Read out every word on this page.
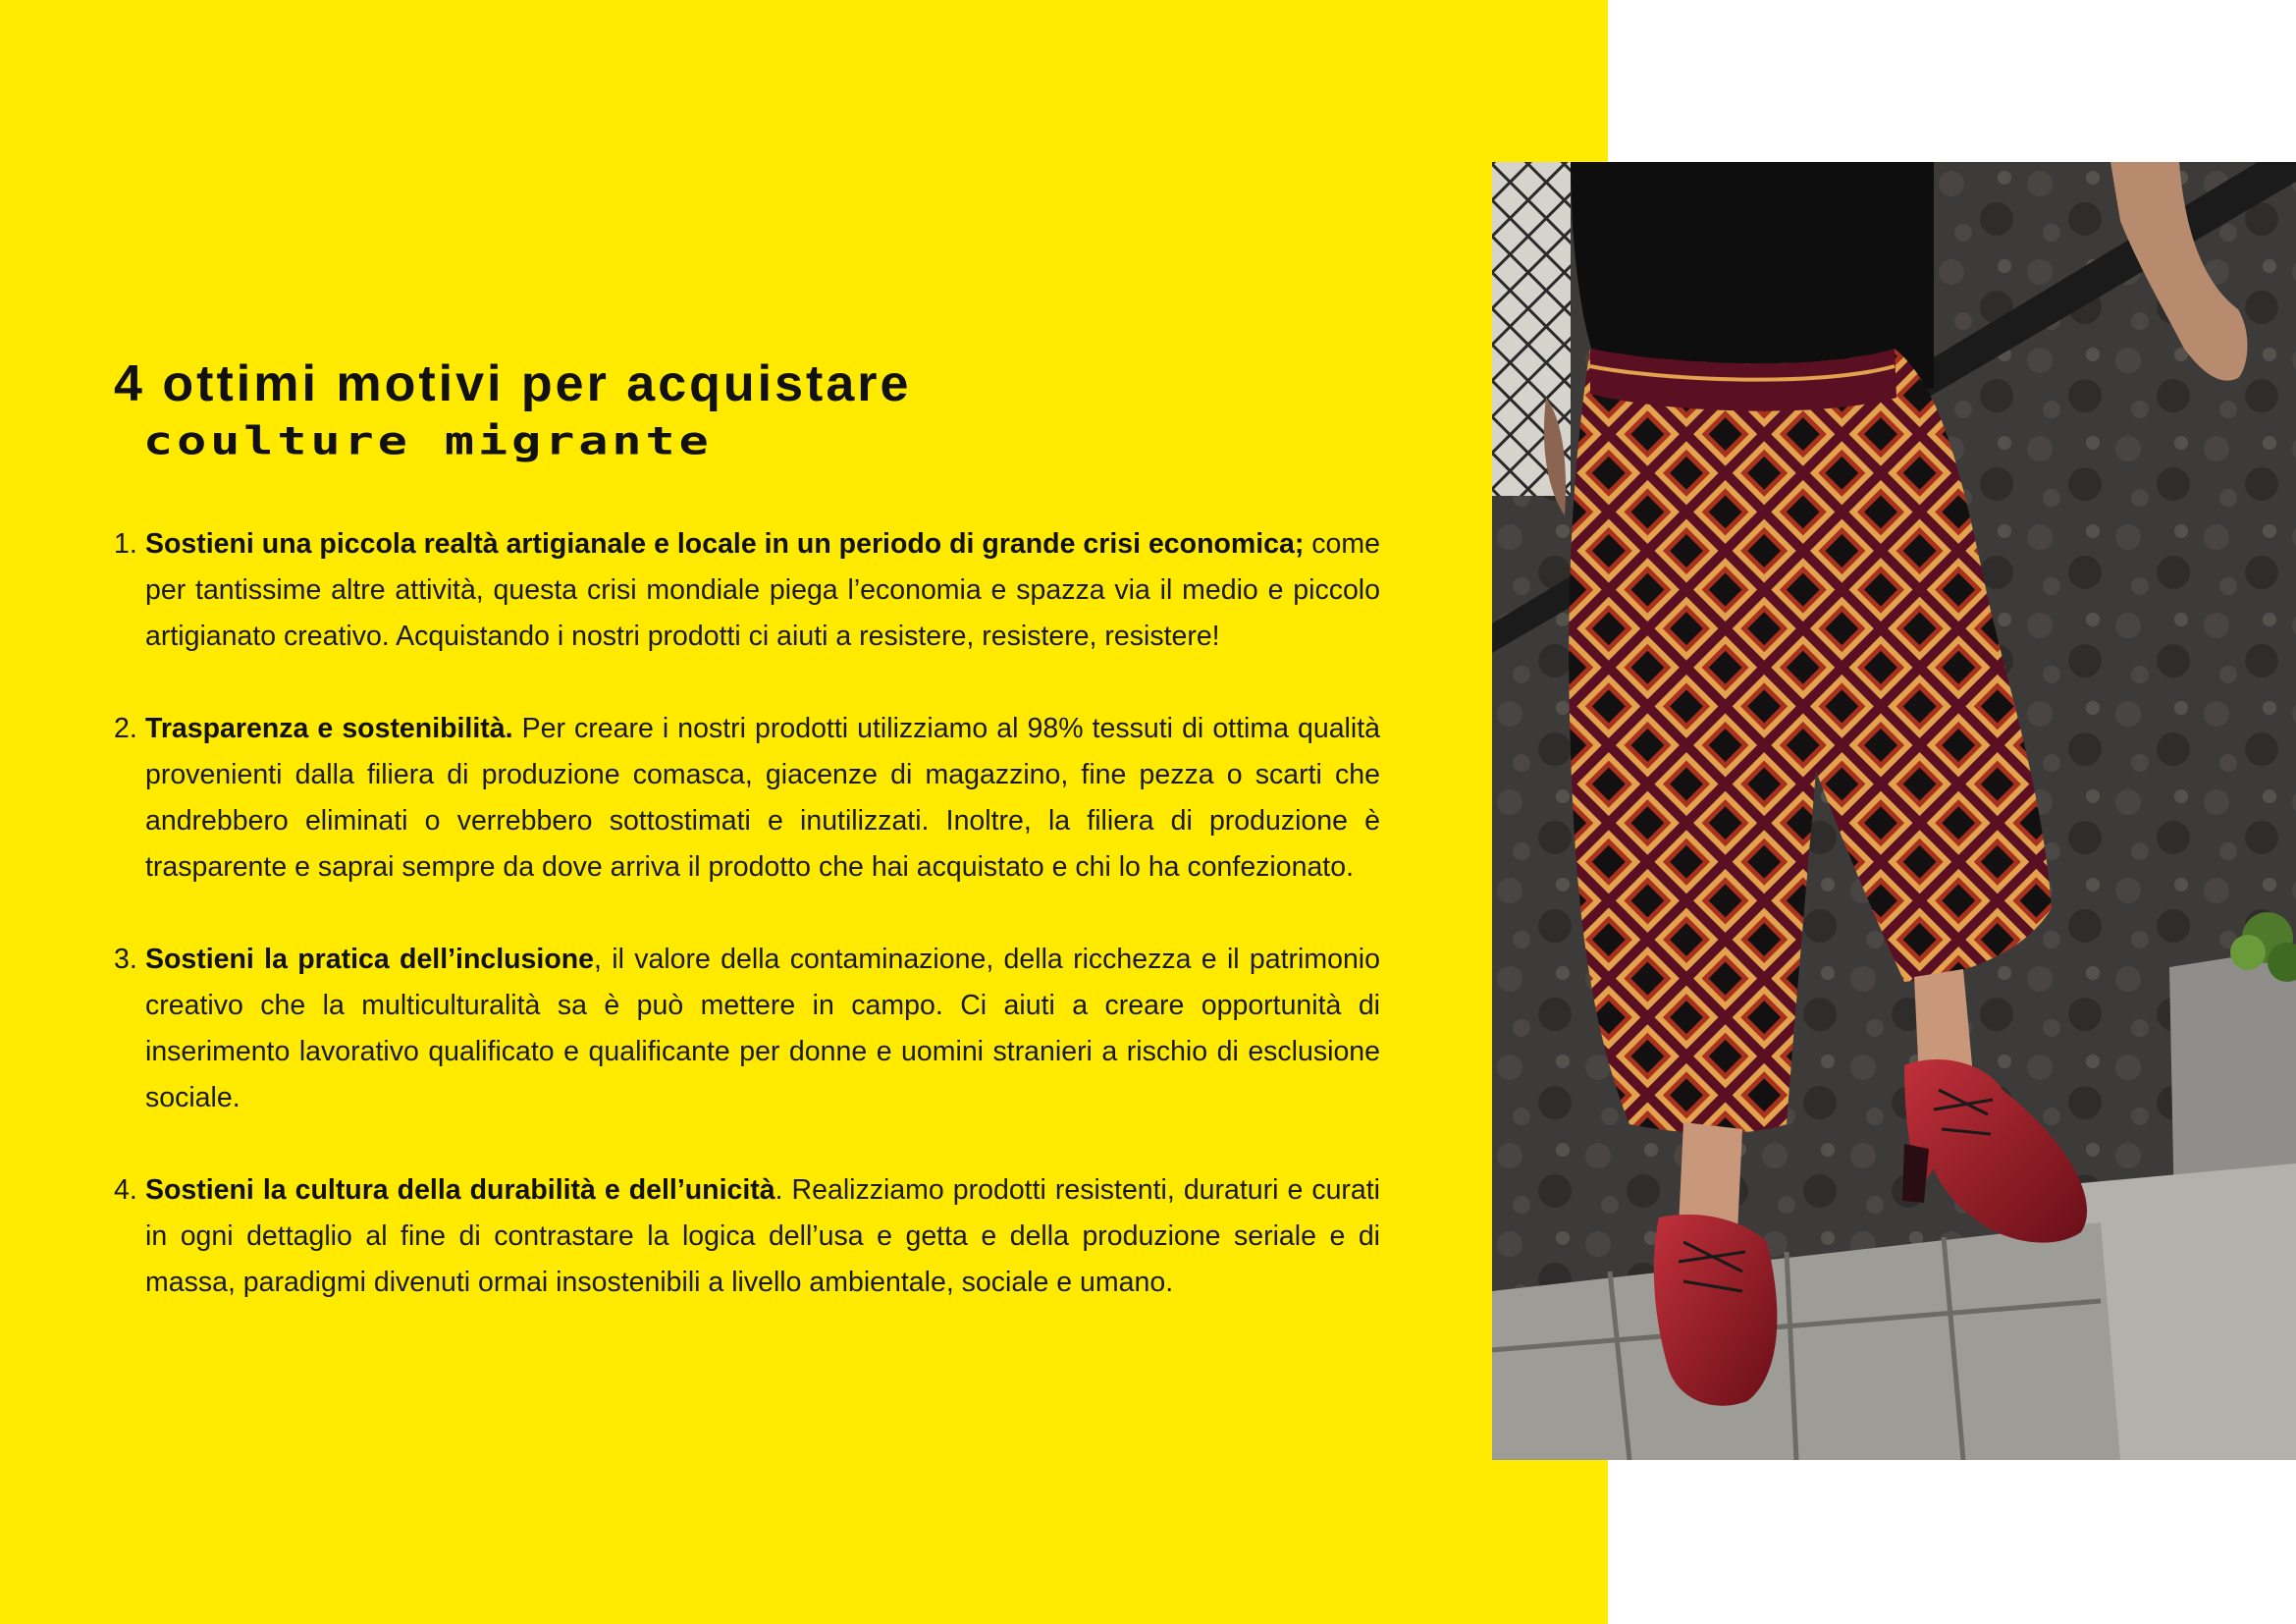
4 ottimi motivi per acquistare
coulture migrante
1. Sostieni una piccola realtà artigianale e locale in un periodo di grande crisi economica; come per tantissime altre attività, questa crisi mondiale piega l’economia e spazza via il medio e piccolo artigianato creativo. Acquistando i nostri prodotti ci aiuti a resistere, resistere, resistere!
2. Trasparenza e sostenibilità. Per creare i nostri prodotti utilizziamo al 98% tessuti di ottima qualità provenienti dalla filiera di produzione comasca, giacenze di magazzino, fine pezza o scarti che andrebbero eliminati o verrebbero sottostimati e inutilizzati. Inoltre, la filiera di produzione è trasparente e saprai sempre da dove arriva il prodotto che hai acquistato e chi lo ha confezionato.
3. Sostieni la pratica dell’inclusione, il valore della contaminazione, della ricchezza e il patrimonio creativo che la multiculturalità sa è può mettere in campo. Ci aiuti a creare opportunità di inserimento lavorativo qualificato e qualificante per donne e uomini stranieri a rischio di esclusione sociale.
4. Sostieni la cultura della durabilità e dell’unicità. Realizziamo prodotti resistenti, duraturi e curati in ogni dettaglio al fine di contrastare la logica dell’usa e getta e della produzione seriale e di massa, paradigmi divenuti ormai insostenibili a livello ambientale, sociale e umano.
